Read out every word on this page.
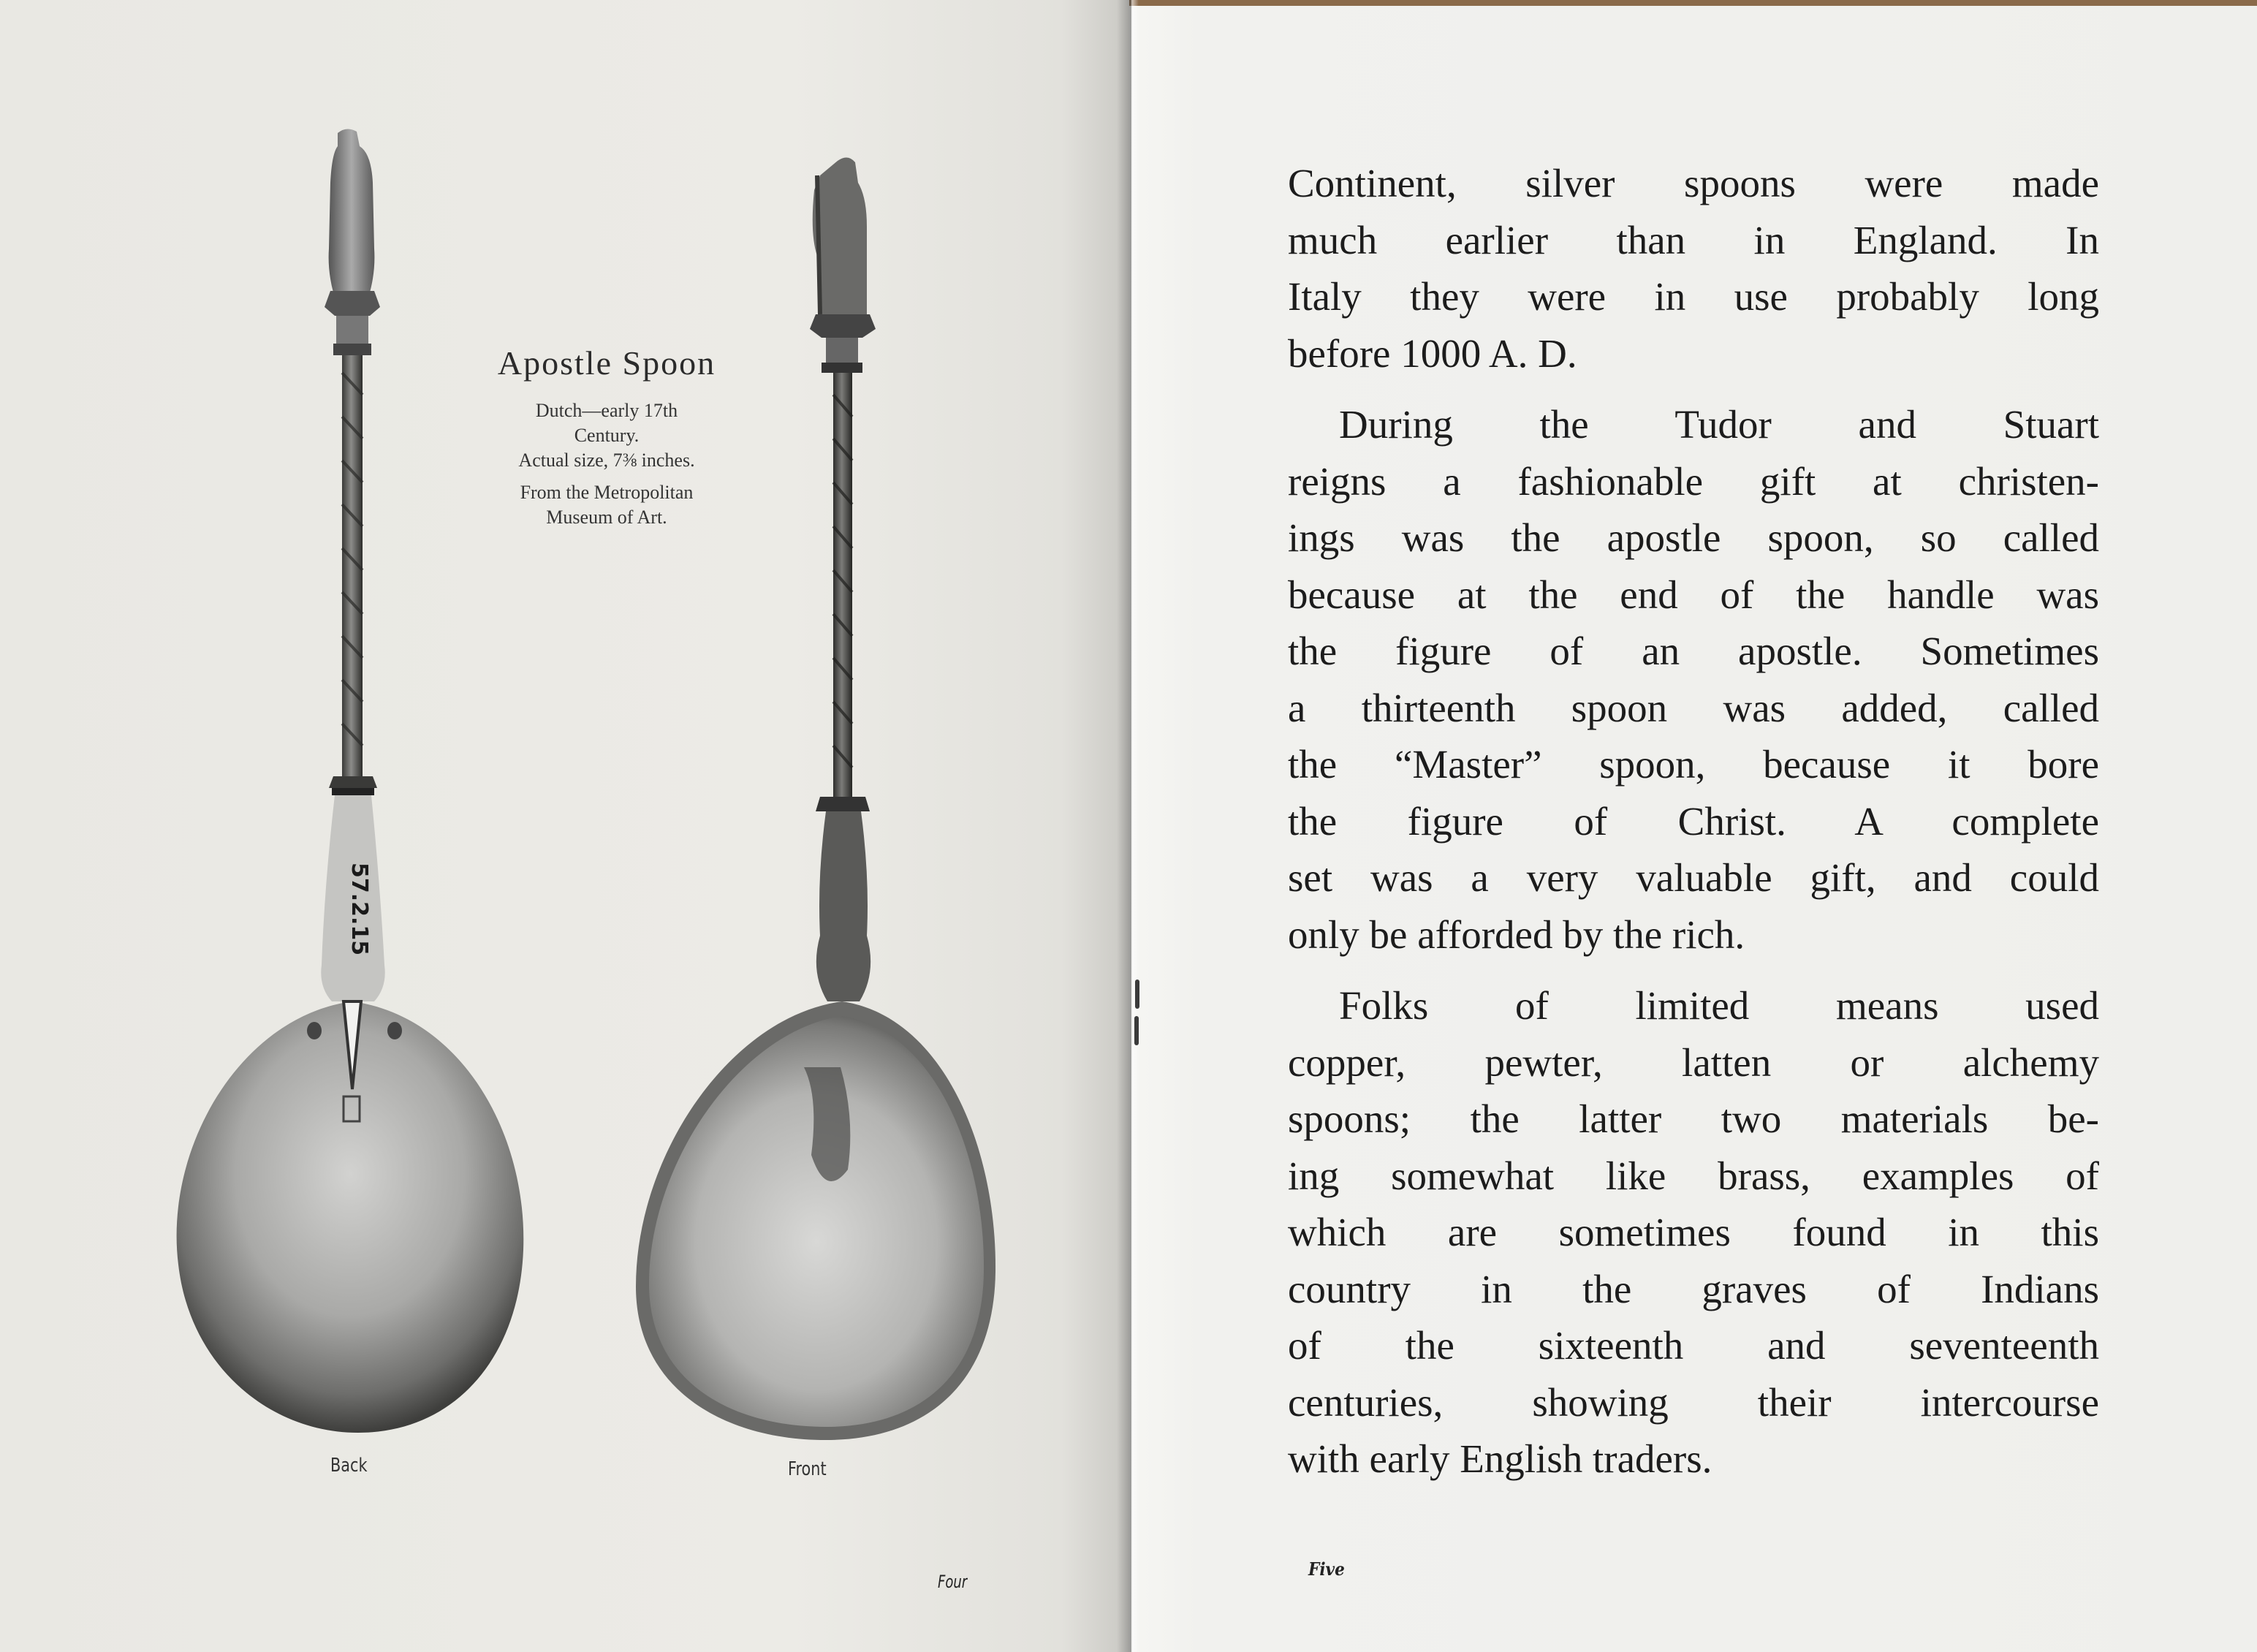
57.2.15
Apostle Spoon
Dutch—early 17th
Century.
Actual size, 7⅜ inches.
From the Metropolitan
Museum of Art.
Back	Front
Four
Five
Continent, silver spoons were made
much earlier than in England. In
Italy they were in use probably long
before 1000 A. D.
During the Tudor and Stuart
reigns a fashionable gift at christen-
ings was the apostle spoon, so called
because at the end of the handle was
the figure of an apostle. Sometimes
a thirteenth spoon was added, called
the “Master” spoon, because it bore
the figure of Christ. A complete
set was a very valuable gift, and could
only be afforded by the rich.
Folks of limited means used
copper, pewter, latten or alchemy
spoons; the latter two materials be-
ing somewhat like brass, examples of
which are sometimes found in this
country in the graves of Indians
of the sixteenth and seventeenth
centuries, showing their intercourse
with early English traders.
